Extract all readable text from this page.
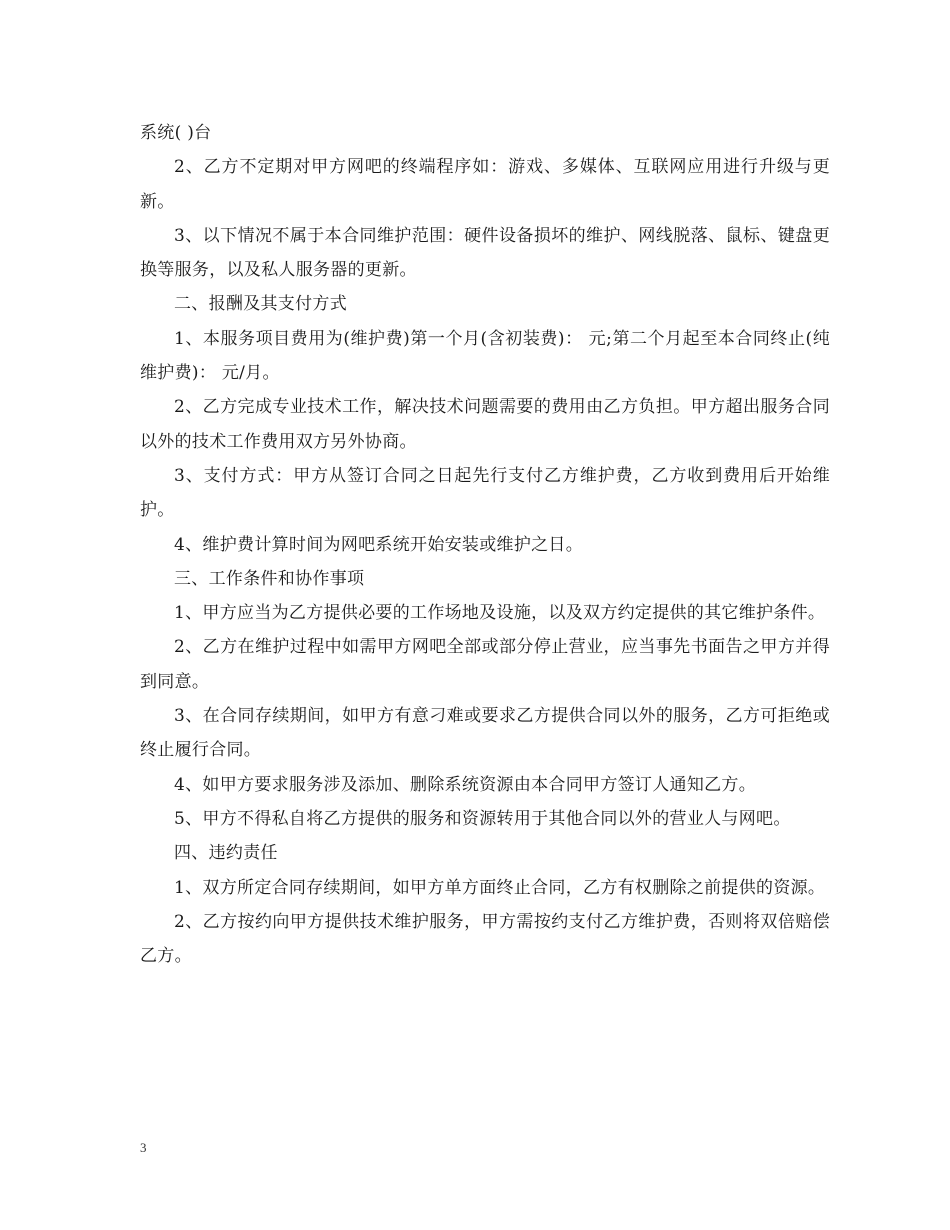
系统( )台

2、乙方不定期对甲方网吧的终端程序如：游戏、多媒体、互联网应用进行升级与更新。

3、以下情况不属于本合同维护范围：硬件设备损坏的维护、网线脱落、鼠标、键盘更换等服务，以及私人服务器的更新。

二、报酬及其支付方式

1、本服务项目费用为(维护费)第一个月(含初装费)： 元;第二个月起至本合同终止(纯维护费)： 元/月。

2、乙方完成专业技术工作，解决技术问题需要的费用由乙方负担。甲方超出服务合同以外的技术工作费用双方另外协商。

3、支付方式：甲方从签订合同之日起先行支付乙方维护费，乙方收到费用后开始维护。

4、维护费计算时间为网吧系统开始安装或维护之日。

三、工作条件和协作事项

1、甲方应当为乙方提供必要的工作场地及设施，以及双方约定提供的其它维护条件。

2、乙方在维护过程中如需甲方网吧全部或部分停止营业，应当事先书面告之甲方并得到同意。

3、在合同存续期间，如甲方有意刁难或要求乙方提供合同以外的服务，乙方可拒绝或终止履行合同。

4、如甲方要求服务涉及添加、删除系统资源由本合同甲方签订人通知乙方。

5、甲方不得私自将乙方提供的服务和资源转用于其他合同以外的营业人与网吧。

四、违约责任

1、双方所定合同存续期间，如甲方单方面终止合同，乙方有权删除之前提供的资源。

2、乙方按约向甲方提供技术维护服务，甲方需按约支付乙方维护费，否则将双倍赔偿乙方。

3
